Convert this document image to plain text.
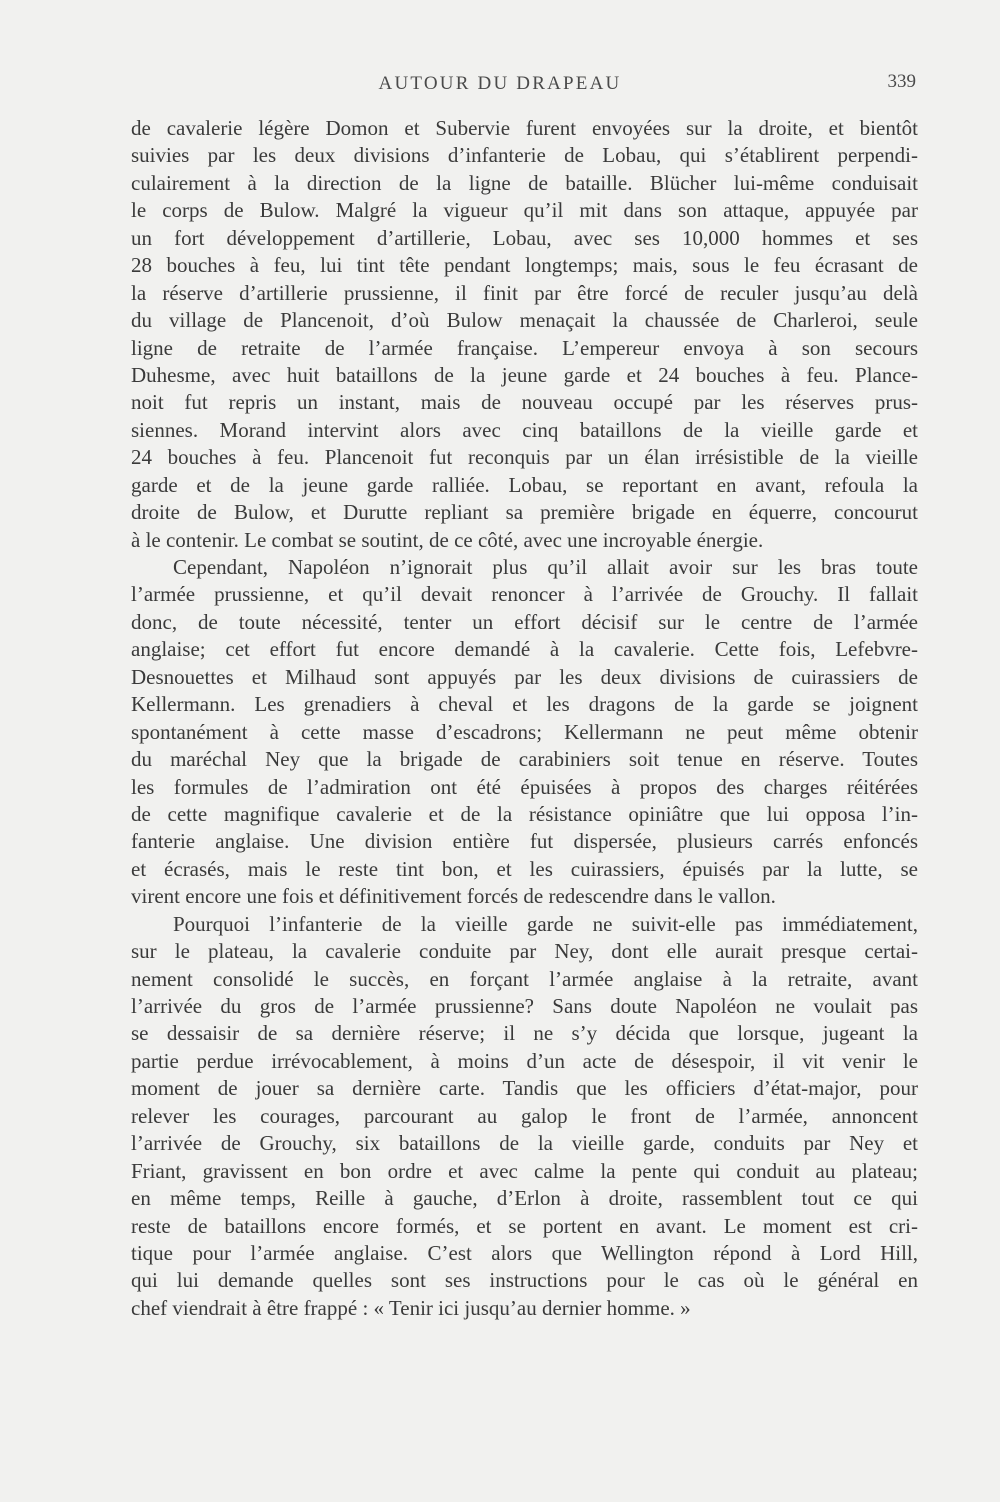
AUTOUR DU DRAPEAU	339
de cavalerie légère Domon et Subervie furent envoyées sur la droite, et bientôt
suivies par les deux divisions d’infanterie de Lobau, qui s’établirent perpendi-
culairement à la direction de la ligne de bataille. Blücher lui-même conduisait
le corps de Bulow. Malgré la vigueur qu’il mit dans son attaque, appuyée par
un fort développement d’artillerie, Lobau, avec ses 10,000 hommes et ses
28 bouches à feu, lui tint tête pendant longtemps; mais, sous le feu écrasant de
la réserve d’artillerie prussienne, il finit par être forcé de reculer jusqu’au delà
du village de Plancenoit, d’où Bulow menaçait la chaussée de Charleroi, seule
ligne de retraite de l’armée française. L’empereur envoya à son secours
Duhesme, avec huit bataillons de la jeune garde et 24 bouches à feu. Plance-
noit fut repris un instant, mais de nouveau occupé par les réserves prus-
siennes. Morand intervint alors avec cinq bataillons de la vieille garde et
24 bouches à feu. Plancenoit fut reconquis par un élan irrésistible de la vieille
garde et de la jeune garde ralliée. Lobau, se reportant en avant, refoula la
droite de Bulow, et Durutte repliant sa première brigade en équerre, concourut
à le contenir. Le combat se soutint, de ce côté, avec une incroyable énergie.
Cependant, Napoléon n’ignorait plus qu’il allait avoir sur les bras toute
l’armée prussienne, et qu’il devait renoncer à l’arrivée de Grouchy. Il fallait
donc, de toute nécessité, tenter un effort décisif sur le centre de l’armée
anglaise; cet effort fut encore demandé à la cavalerie. Cette fois, Lefebvre-
Desnouettes et Milhaud sont appuyés par les deux divisions de cuirassiers de
Kellermann. Les grenadiers à cheval et les dragons de la garde se joignent
spontanément à cette masse d’escadrons; Kellermann ne peut même obtenir
du maréchal Ney que la brigade de carabiniers soit tenue en réserve. Toutes
les formules de l’admiration ont été épuisées à propos des charges réitérées
de cette magnifique cavalerie et de la résistance opiniâtre que lui opposa l’in-
fanterie anglaise. Une division entière fut dispersée, plusieurs carrés enfoncés
et écrasés, mais le reste tint bon, et les cuirassiers, épuisés par la lutte, se
virent encore une fois et définitivement forcés de redescendre dans le vallon.
Pourquoi l’infanterie de la vieille garde ne suivit-elle pas immédiatement,
sur le plateau, la cavalerie conduite par Ney, dont elle aurait presque certai-
nement consolidé le succès, en forçant l’armée anglaise à la retraite, avant
l’arrivée du gros de l’armée prussienne? Sans doute Napoléon ne voulait pas
se dessaisir de sa dernière réserve; il ne s’y décida que lorsque, jugeant la
partie perdue irrévocablement, à moins d’un acte de désespoir, il vit venir le
moment de jouer sa dernière carte. Tandis que les officiers d’état-major, pour
relever les courages, parcourant au galop le front de l’armée, annoncent
l’arrivée de Grouchy, six bataillons de la vieille garde, conduits par Ney et
Friant, gravissent en bon ordre et avec calme la pente qui conduit au plateau;
en même temps, Reille à gauche, d’Erlon à droite, rassemblent tout ce qui
reste de bataillons encore formés, et se portent en avant. Le moment est cri-
tique pour l’armée anglaise. C’est alors que Wellington répond à Lord Hill,
qui lui demande quelles sont ses instructions pour le cas où le général en
chef viendrait à être frappé : « Tenir ici jusqu’au dernier homme. »
